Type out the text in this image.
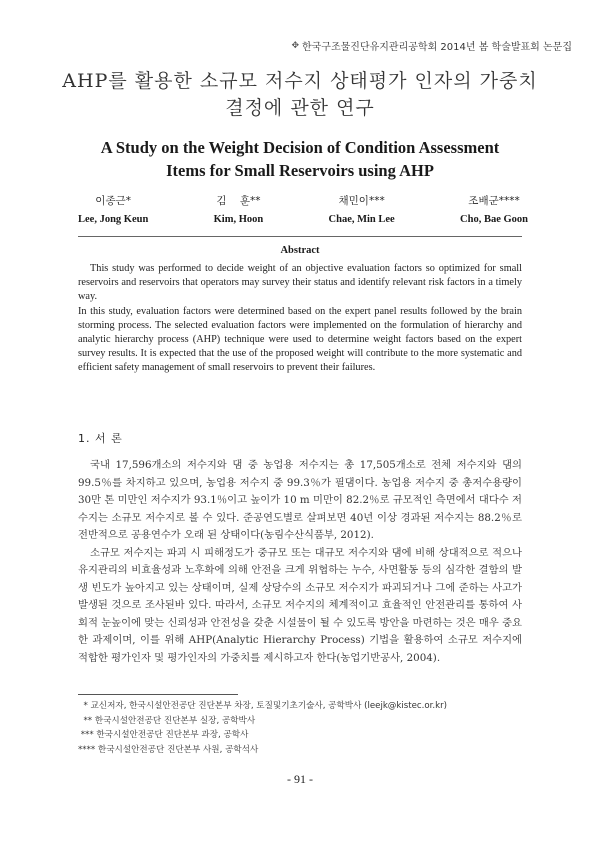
✥ 한국구조물진단유지관리공학회 2014년 봄 학술발표회 논문집
AHP를 활용한 소규모 저수지 상태평가 인자의 가중치
결정에 관한 연구
A Study on the Weight Decision of Condition Assessment
Items for Small Reservoirs using AHP
이종근*
Lee, Jong Keun
김    훈**
Kim, Hoon
채민이***
Chae, Min Lee
조배군****
Cho, Bae Goon
Abstract

This study was performed to decide weight of an objective evaluation factors so optimized for small reservoirs and reservoirs that operators may survey their status and identify relevant risk factors in a timely way.

In this study, evaluation factors were determined based on the expert panel results followed by the brain storming process. The selected evaluation factors were implemented on the formulation of hierarchy and analytic hierarchy process (AHP) technique were used to determine weight factors based on the expert survey results. It is expected that the use of the proposed weight will contribute to the more systematic and efficient safety management of small reservoirs to prevent their failures.

1. 서 론

국내 17,596개소의 저수지와 댐 중 농업용 저수지는 총 17,505개소로 전체 저수지와 댐의 99.5％를 차지하고 있으며, 농업용 저수지 중 99.3％가 필댐이다. 농업용 저수지 중 총저수용량이 30만 톤 미만인 저수지가 93.1％이고 높이가 10 m 미만이 82.2％로 규모적인 측면에서 대다수 저수지는 소규모 저수지로 볼 수 있다. 준공연도별로 살펴보면 40년 이상 경과된 저수지는 88.2％로 전반적으로 공용연수가 오래 된 상태이다(농림수산식품부, 2012).

소규모 저수지는 파괴 시 피해정도가 중규모 또는 대규모 저수지와 댐에 비해 상대적으로 적으나 유지관리의 비효율성과 노후화에 의해 안전을 크게 위협하는 누수, 사면활동 등의 심각한 결함의 발생 빈도가 높아지고 있는 상태이며, 실제 상당수의 소규모 저수지가 파괴되거나 그에 준하는 사고가 발생된 것으로 조사된바 있다. 따라서, 소규모 저수지의 체계적이고 효율적인 안전관리를 통하여 사회적 눈높이에 맞는 신뢰성과 안전성을 갖춘 시설물이 될 수 있도록 방안을 마련하는 것은 매우 중요한 과제이며, 이를 위해 AHP(Analytic Hierarchy Process) 기법을 활용하여 소규모 저수지에 적합한 평가인자 및 평가인자의 가중치를 제시하고자 한다(농업기반공사, 2004).

* 교신저자, 한국시설안전공단 진단본부 차장, 토질및기초기술사, 공학박사 (leejk@kistec.or.kr)
** 한국시설안전공단 진단본부 실장, 공학박사
*** 한국시설안전공단 진단본부 과장, 공학사
**** 한국시설안전공단 진단본부 사원, 공학석사
- 91 -
